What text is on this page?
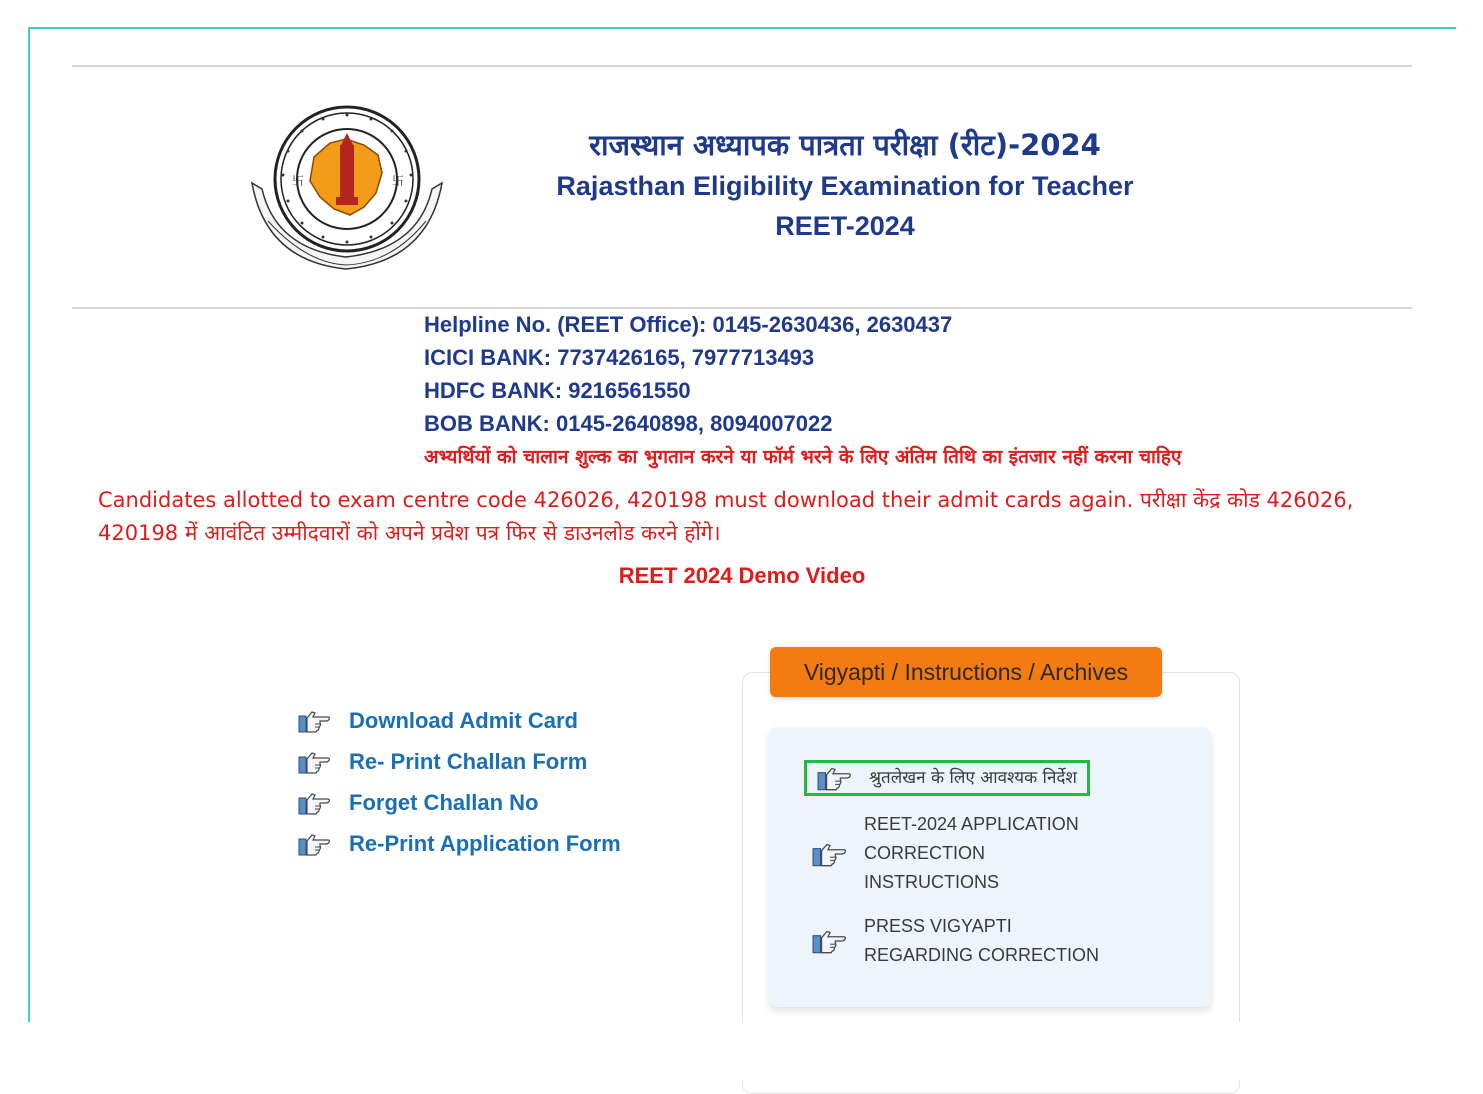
卐	卐

राजस्थान अध्यापक पात्रता परीक्षा (रीट)-2024

Rajasthan Eligibility Examination for Teacher

REET-2024

Helpline No. (REET Office): 0145-2630436, 2630437

ICICI BANK: 7737426165, 7977713493

HDFC BANK: 9216561550

BOB BANK: 0145-2640898, 8094007022

अभ्यर्थियों को चालान शुल्क का भुगतान करने या फॉर्म भरने के लिए अंतिम तिथि का इंतजार नहीं करना चाहिए
Candidates allotted to exam centre code 426026, 420198 must download their admit cards again. परीक्षा केंद्र कोड 426026, 420198 में आवंटित उम्मीदवारों को अपने प्रवेश पत्र फिर से डाउनलोड करने होंगे।
REET 2024 Demo Video
Download Admit Card
Re- Print Challan Form
Forget Challan No
Re-Print Application Form
Vigyapti / Instructions / Archives
श्रुतलेखन के लिए आवश्यक निर्देश
REET-2024 APPLICATION CORRECTION INSTRUCTIONS
PRESS VIGYAPTI REGARDING CORRECTION
